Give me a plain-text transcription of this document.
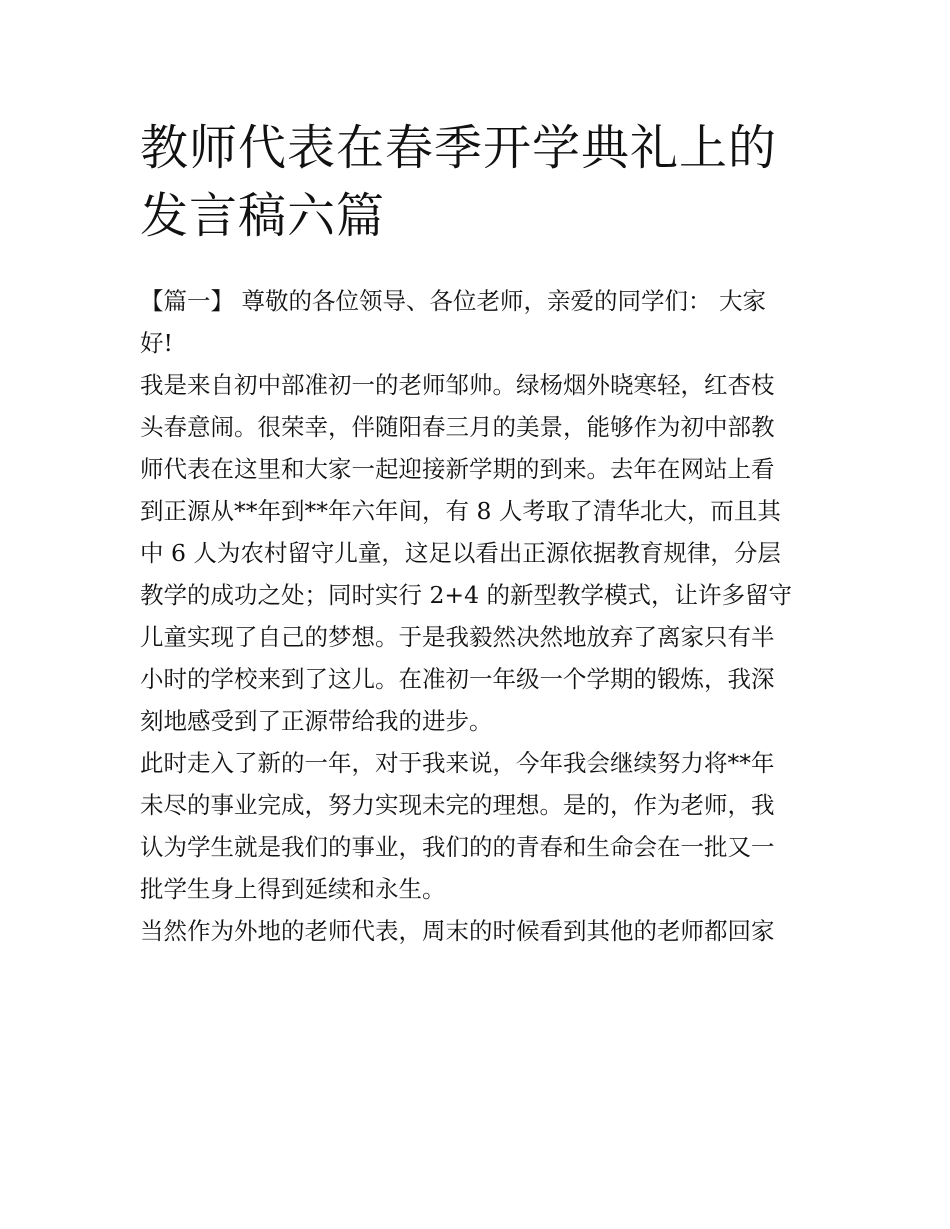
教师代表在春季开学典礼上的
发言稿六篇
【篇一】 尊敬的各位领导、各位老师，亲爱的同学们： 大家
好!
我是来自初中部准初一的老师邹帅。绿杨烟外晓寒轻，红杏枝
头春意闹。很荣幸，伴随阳春三月的美景，能够作为初中部教
师代表在这里和大家一起迎接新学期的到来。去年在网站上看
到正源从**年到**年六年间，有 8 人考取了清华北大，而且其
中 6 人为农村留守儿童，这足以看出正源依据教育规律，分层
教学的成功之处；同时实行 2+4 的新型教学模式，让许多留守
儿童实现了自己的梦想。于是我毅然决然地放弃了离家只有半
小时的学校来到了这儿。在准初一年级一个学期的锻炼，我深
刻地感受到了正源带给我的进步。
此时走入了新的一年，对于我来说，今年我会继续努力将**年
未尽的事业完成，努力实现未完的理想。是的，作为老师，我
认为学生就是我们的事业，我们的的青春和生命会在一批又一
批学生身上得到延续和永生。
当然作为外地的老师代表，周末的时候看到其他的老师都回家
